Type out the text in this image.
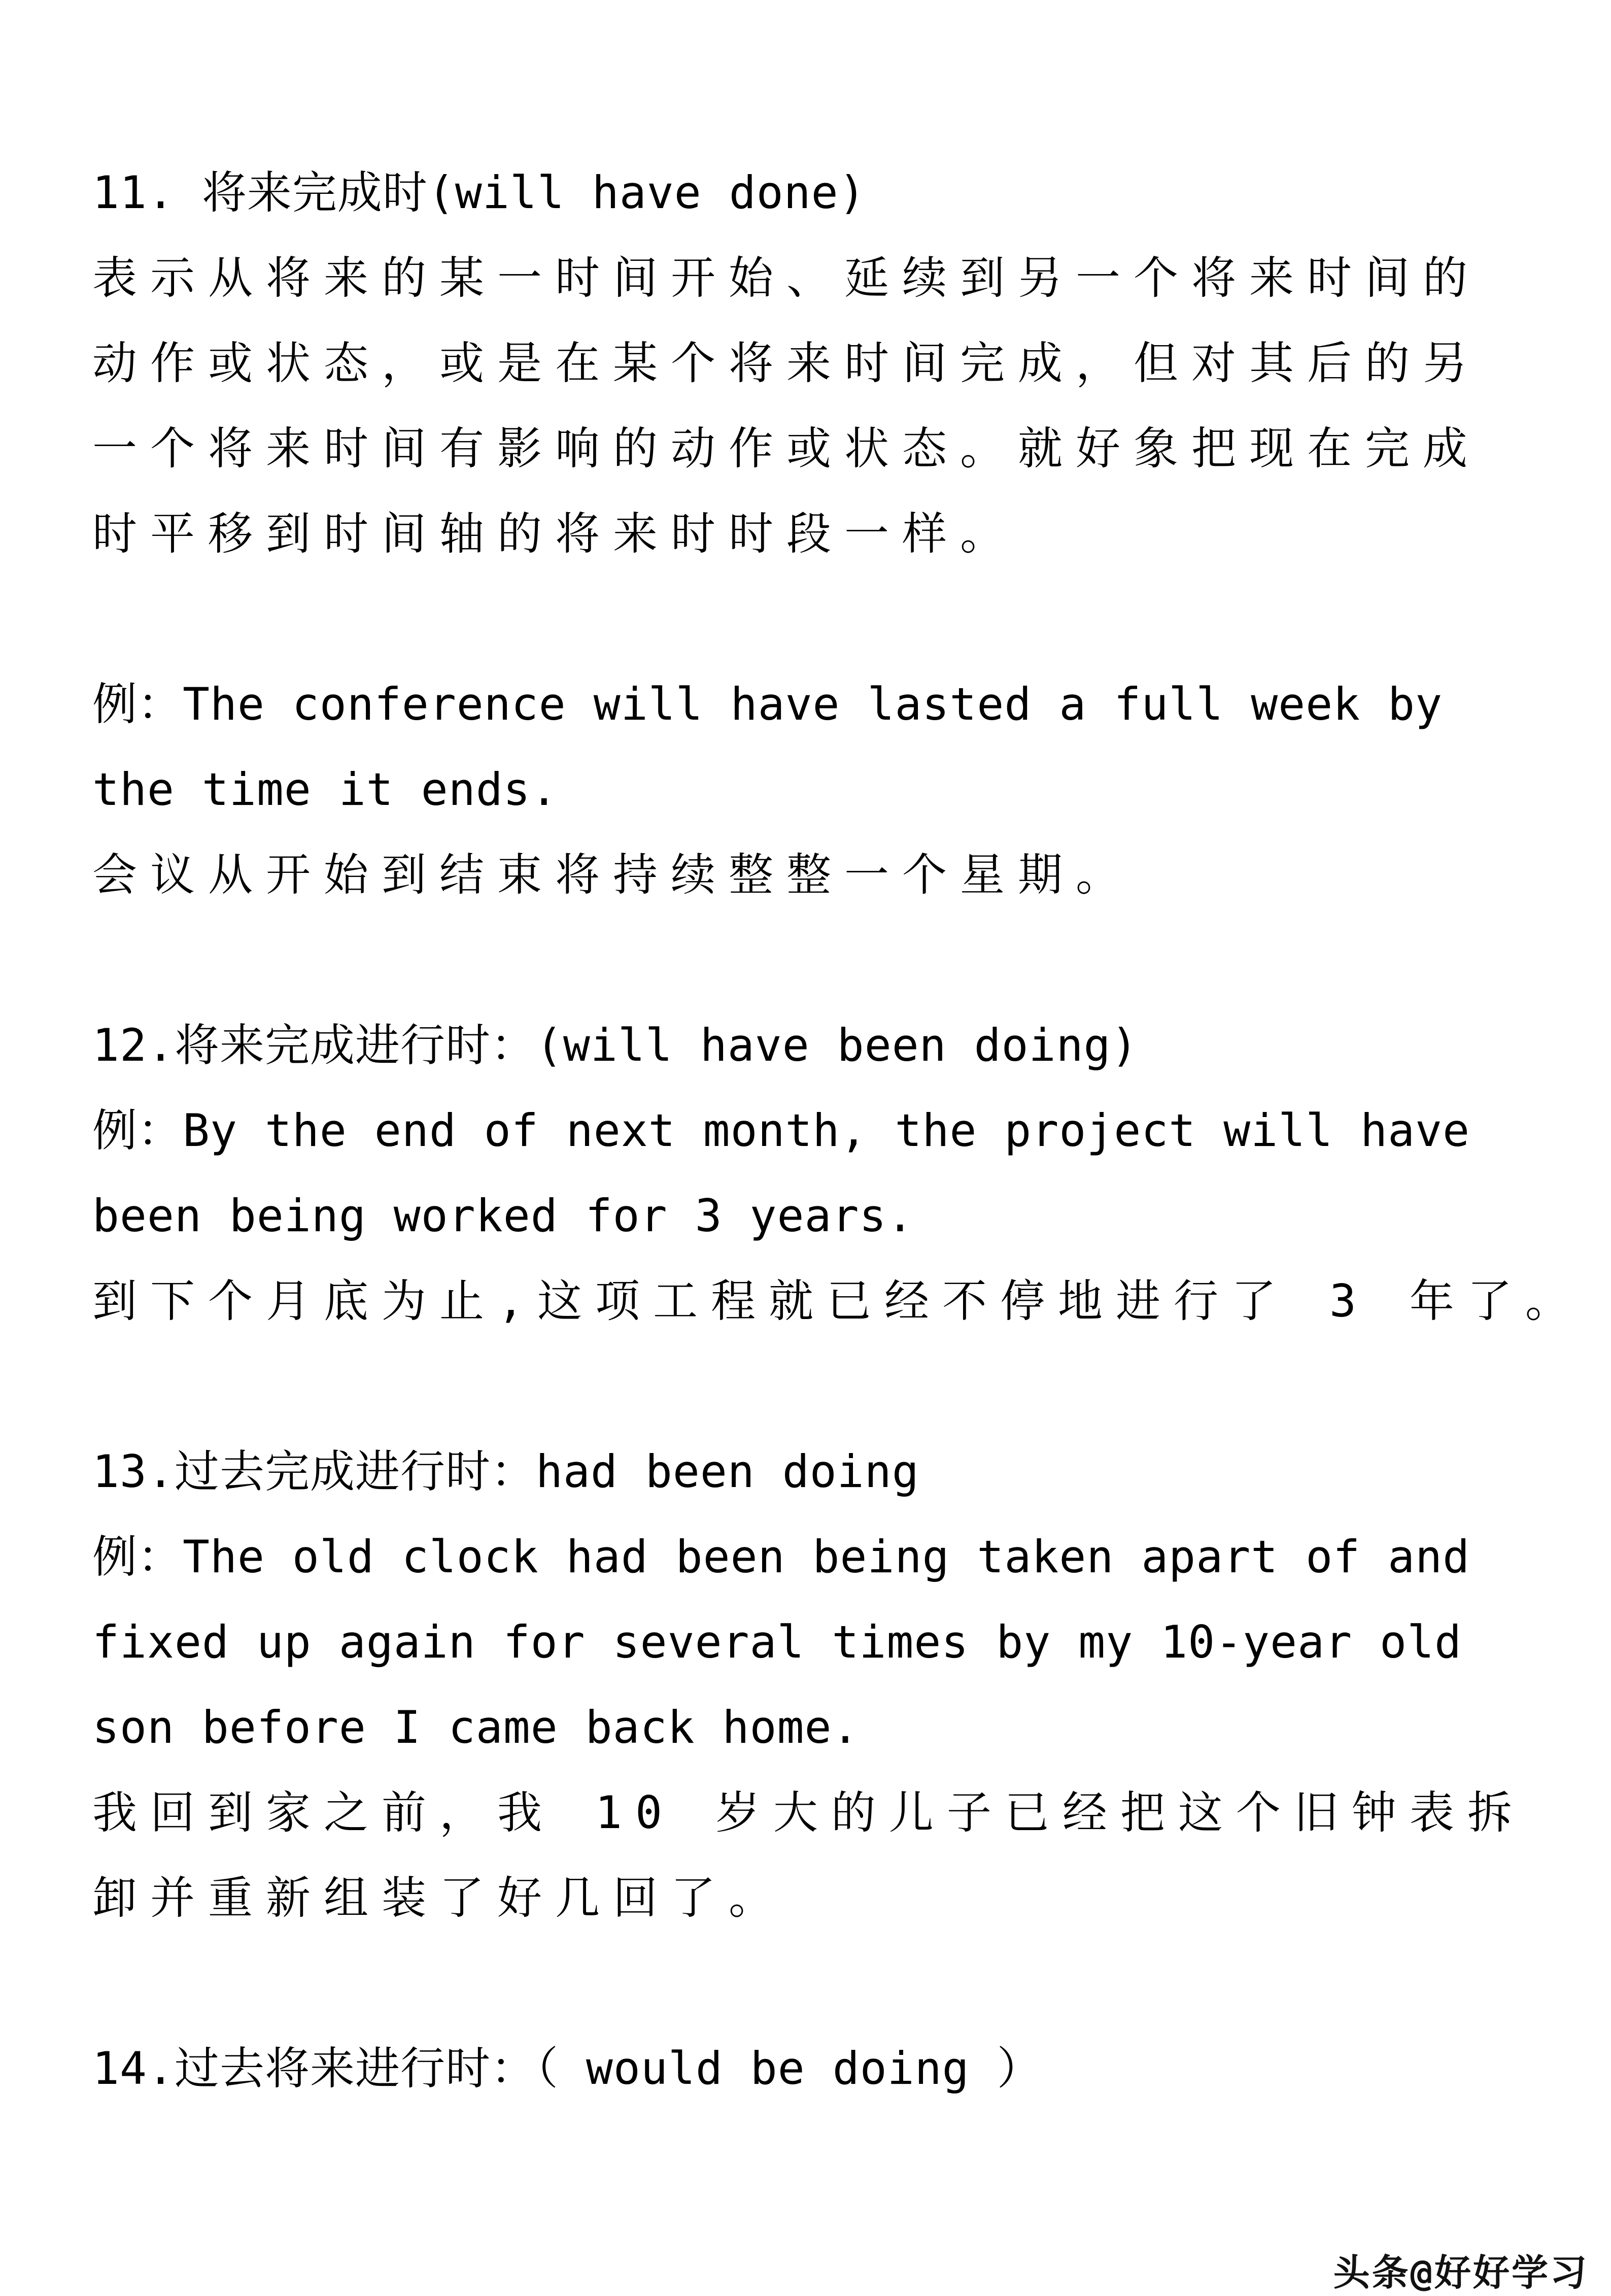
11. 将来完成时(will have done)
表示从将来的某一时间开始、延续到另一个将来时间的
动作或状态，或是在某个将来时间完成，但对其后的另
一个将来时间有影响的动作或状态。就好象把现在完成
时平移到时间轴的将来时时段一样。
例：The conference will have lasted a full week by
the time it ends.
会议从开始到结束将持续整整一个星期。
12.将来完成进行时：(will have been doing)
例：By the end of next month, the project will have
been being worked for 3 years.
到下个月底为止,这项工程就已经不停地进行了 3 年了。
13.过去完成进行时：had been doing
例：The old clock had been being taken apart of and
fixed up again for several times by my 10-year old
son before I came back home.
我回到家之前，我 10 岁大的儿子已经把这个旧钟表拆
卸并重新组装了好几回了。
14.过去将来进行时：（ would be doing ）

头条@好好学习
